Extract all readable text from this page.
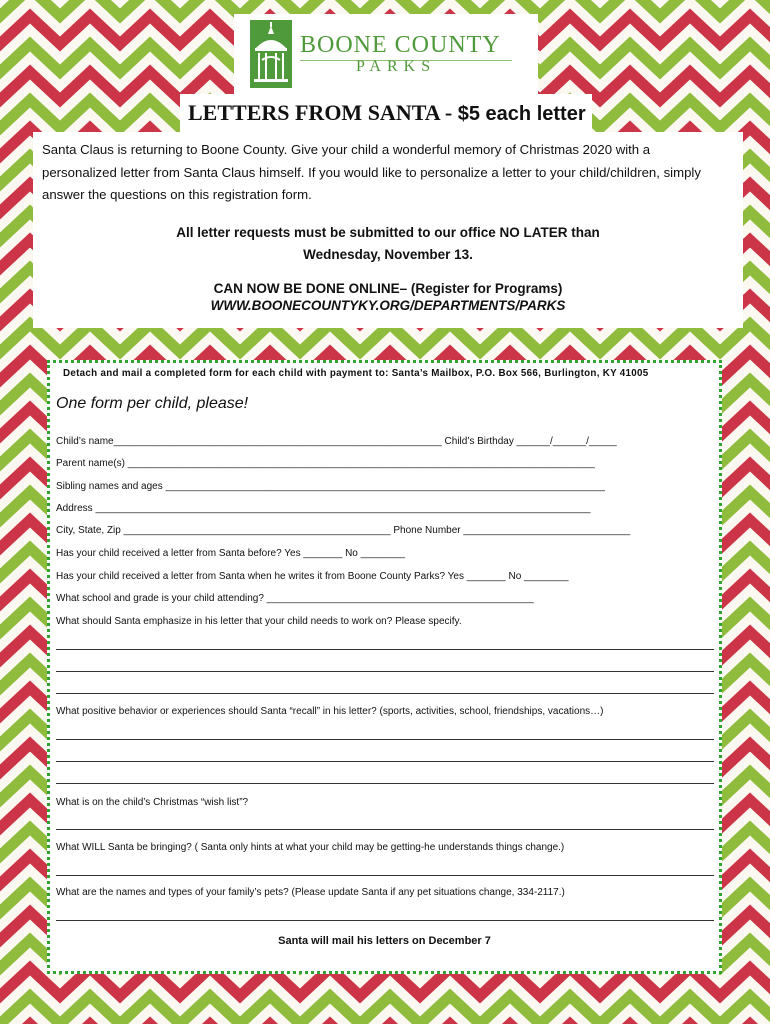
BOONE COUNTY
PARKS
LETTERS FROM SANTA - $5 each letter
Santa Claus is returning to Boone County. Give your child a wonderful memory of Christmas 2020 with a personalized letter from Santa Claus himself. If you would like to personalize a letter to your child/children, simply answer the questions on this registration form.
All letter requests must be submitted to our office NO LATER than
Wednesday, November 13.
CAN NOW BE DONE ONLINE– (Register for Programs)
WWW.BOONECOUNTYKY.ORG/DEPARTMENTS/PARKS
Detach and mail a completed form for each child with payment to: Santa’s Mailbox, P.O. Box 566, Burlington, KY 41005
One form per child, please!
Child’s name___________________________________________________________ Child’s Birthday ______/______/_____
Parent name(s) ____________________________________________________________________________________
Sibling names and ages _______________________________________________________________________________
Address _________________________________________________________________________________________
City, State, Zip ________________________________________________ Phone Number ______________________________
Has your child received a letter from Santa before? Yes _______ No ________
Has your child received a letter from Santa when he writes it from Boone County Parks? Yes _______ No ________
What school and grade is your child attending? ________________________________________________
What should Santa emphasize in his letter that your child needs to work on? Please specify.
What positive behavior or experiences should Santa “recall” in his letter? (sports, activities, school, friendships, vacations…)
What is on the child’s Christmas “wish list”?
What WILL Santa be bringing? ( Santa only hints at what your child may be getting-he understands things change.)
What are the names and types of your family’s pets? (Please update Santa if any pet situations change, 334-2117.)
Santa will mail his letters on December 7
